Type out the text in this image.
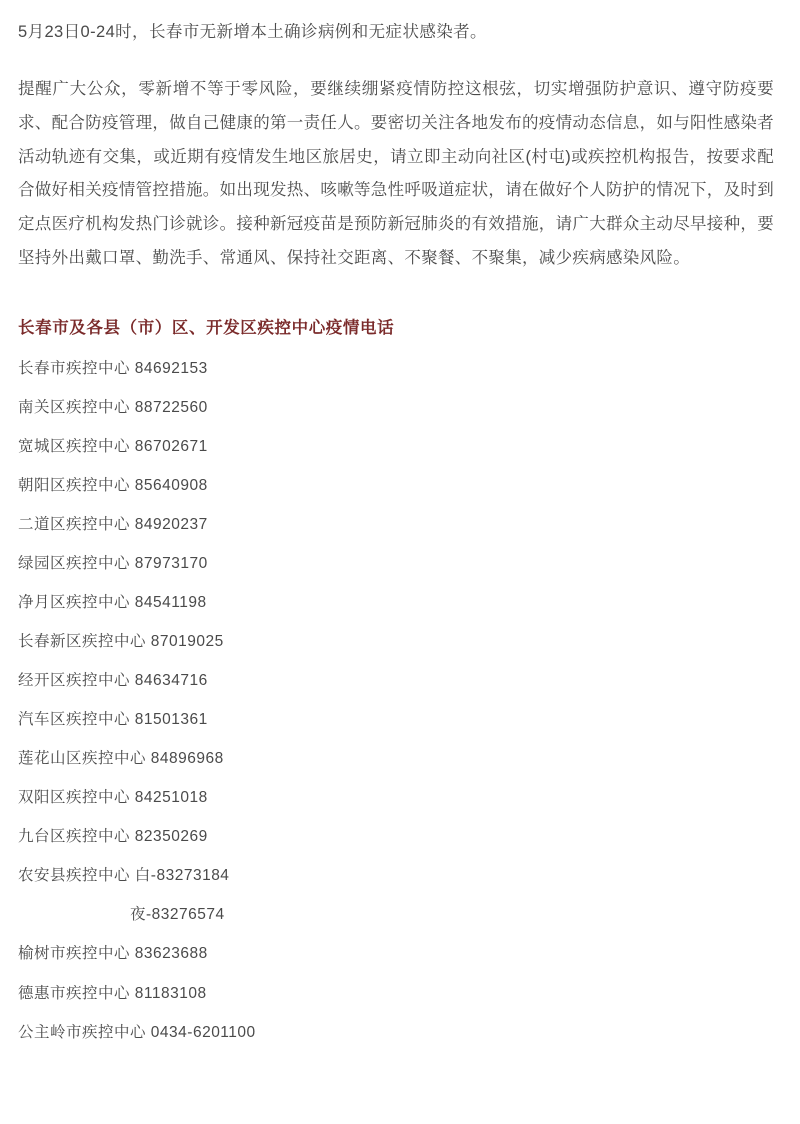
5月23日0-24时，长春市无新增本土确诊病例和无症状感染者。

提醒广大公众，零新增不等于零风险，要继续绷紧疫情防控这根弦，切实增强防护意识、遵守防疫要求、配合防疫管理，做自己健康的第一责任人。要密切关注各地发布的疫情动态信息，如与阳性感染者活动轨迹有交集，或近期有疫情发生地区旅居史，请立即主动向社区(村屯)或疾控机构报告，按要求配合做好相关疫情管控措施。如出现发热、咳嗽等急性呼吸道症状，请在做好个人防护的情况下，及时到定点医疗机构发热门诊就诊。接种新冠疫苗是预防新冠肺炎的有效措施，请广大群众主动尽早接种，要坚持外出戴口罩、勤洗手、常通风、保持社交距离、不聚餐、不聚集，减少疾病感染风险。

长春市及各县（市）区、开发区疾控中心疫情电话
长春市疾控中心 84692153
南关区疾控中心 88722560
宽城区疾控中心 86702671
朝阳区疾控中心 85640908
二道区疾控中心 84920237
绿园区疾控中心 87973170
净月区疾控中心 84541198
长春新区疾控中心 87019025
经开区疾控中心 84634716
汽车区疾控中心 81501361
莲花山区疾控中心 84896968
双阳区疾控中心 84251018
九台区疾控中心 82350269
农安县疾控中心 白-83273184
夜-83276574
榆树市疾控中心 83623688
德惠市疾控中心 81183108
公主岭市疾控中心 0434-6201100
